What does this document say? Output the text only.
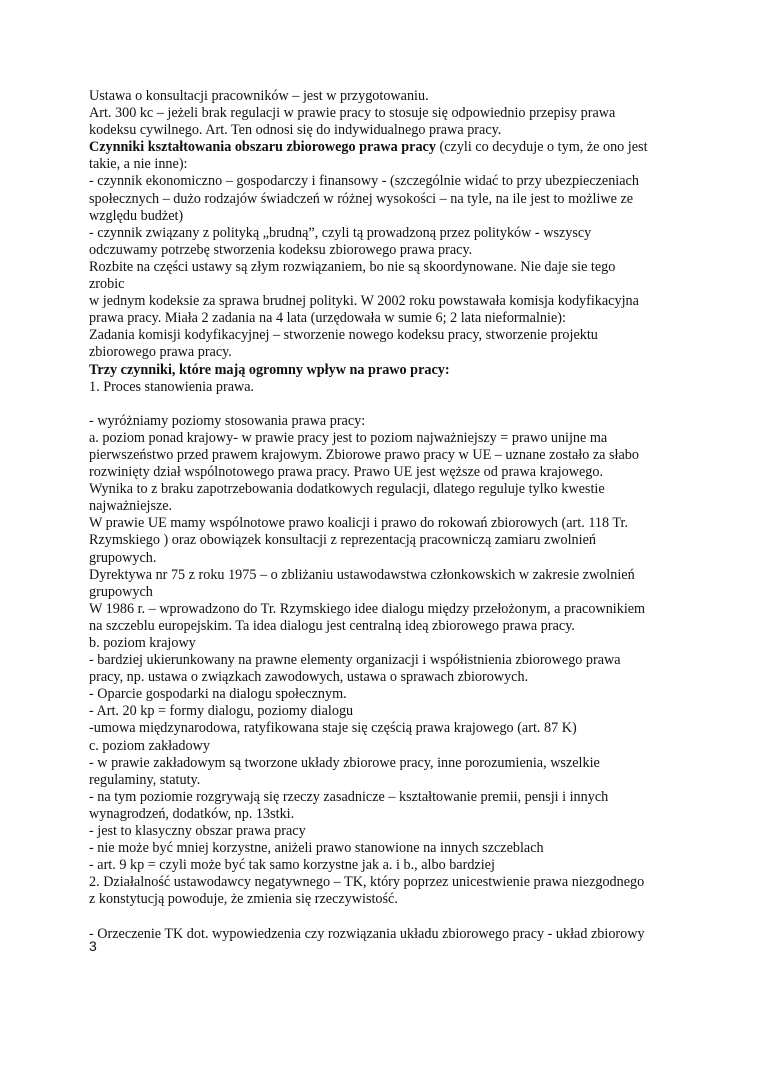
Ustawa o konsultacji pracowników – jest w przygotowaniu.
Art. 300 kc – jeżeli brak regulacji w prawie pracy to stosuje się odpowiednio przepisy prawa
kodeksu cywilnego. Art. Ten odnosi się do indywidualnego prawa pracy.
Czynniki kształtowania obszaru zbiorowego prawa pracy (czyli co decyduje o tym, że ono jest
takie, a nie inne):
- czynnik ekonomiczno – gospodarczy i finansowy - (szczególnie widać to przy ubezpieczeniach
społecznych – dużo rodzajów świadczeń w różnej wysokości – na tyle, na ile jest to możliwe ze
względu budżet)
- czynnik związany z polityką „brudną”, czyli tą prowadzoną przez polityków - wszyscy
odczuwamy potrzebę stworzenia kodeksu zbiorowego prawa pracy.
Rozbite na części ustawy są złym rozwiązaniem, bo nie są skoordynowane. Nie daje sie tego
zrobic
w jednym kodeksie za sprawa brudnej polityki. W 2002 roku powstawała komisja kodyfikacyjna
prawa pracy. Miała 2 zadania na 4 lata (urzędowała w sumie 6; 2 lata nieformalnie):
Zadania komisji kodyfikacyjnej – stworzenie nowego kodeksu pracy, stworzenie projektu
zbiorowego prawa pracy.
Trzy czynniki, które mają ogromny wpływ na prawo pracy:
1. Proces stanowienia prawa.

- wyróżniamy poziomy stosowania prawa pracy:
a. poziom ponad krajowy- w prawie pracy jest to poziom najważniejszy = prawo unijne ma
pierwszeństwo przed prawem krajowym. Zbiorowe prawo pracy w UE – uznane zostało za słabo
rozwinięty dział wspólnotowego prawa pracy. Prawo UE jest węższe od prawa krajowego.
Wynika to z braku zapotrzebowania dodatkowych regulacji, dlatego reguluje tylko kwestie
najważniejsze.
W prawie UE mamy wspólnotowe prawo koalicji i prawo do rokowań zbiorowych (art. 118 Tr.
Rzymskiego ) oraz obowiązek konsultacji z reprezentacją pracowniczą zamiaru zwolnień
grupowych.
Dyrektywa nr 75 z roku 1975 – o zbliżaniu ustawodawstwa członkowskich w zakresie zwolnień
grupowych
W 1986 r. – wprowadzono do Tr. Rzymskiego idee dialogu między przełożonym, a pracownikiem
na szczeblu europejskim. Ta idea dialogu jest centralną ideą zbiorowego prawa pracy.
b. poziom krajowy
- bardziej ukierunkowany na prawne elementy organizacji i współistnienia zbiorowego prawa
pracy, np. ustawa o związkach zawodowych, ustawa o sprawach zbiorowych.
- Oparcie gospodarki na dialogu społecznym.
- Art. 20 kp = formy dialogu, poziomy dialogu
-umowa międzynarodowa, ratyfikowana staje się częścią prawa krajowego (art. 87 K)
c. poziom zakładowy
- w prawie zakładowym są tworzone układy zbiorowe pracy, inne porozumienia, wszelkie
regulaminy, statuty.
- na tym poziomie rozgrywają się rzeczy zasadnicze – kształtowanie premii, pensji i innych
wynagrodzeń, dodatków, np. 13stki.
- jest to klasyczny obszar prawa pracy
- nie może być mniej korzystne, aniżeli prawo stanowione na innych szczeblach
- art. 9 kp = czyli może być tak samo korzystne jak a. i b., albo bardziej
2. Działalność ustawodawcy negatywnego – TK, który poprzez unicestwienie prawa niezgodnego
z konstytucją powoduje, że zmienia się rzeczywistość.

- Orzeczenie TK dot. wypowiedzenia czy rozwiązania układu zbiorowego pracy - układ zbiorowy
3
